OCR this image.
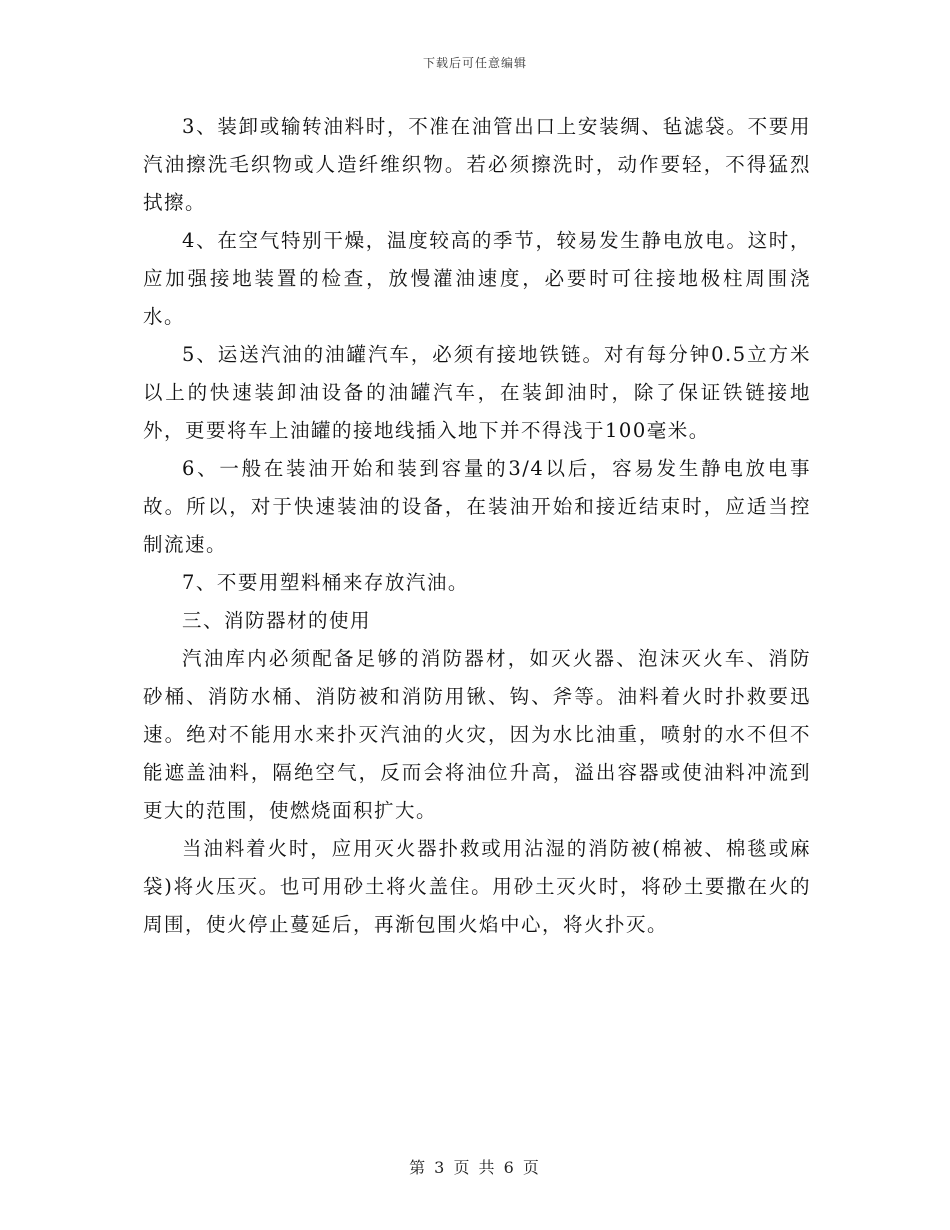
下载后可任意编辑

3、装卸或输转油料时，不准在油管出口上安装绸、毡滤袋。不要用汽油擦洗毛织物或人造纤维织物。若必须擦洗时，动作要轻，不得猛烈拭擦。

4、在空气特别干燥，温度较高的季节，较易发生静电放电。这时，应加强接地装置的检查，放慢灌油速度，必要时可往接地极柱周围浇水。

5、运送汽油的油罐汽车，必须有接地铁链。对有每分钟0.5立方米以上的快速装卸油设备的油罐汽车，在装卸油时，除了保证铁链接地外，更要将车上油罐的接地线插入地下并不得浅于100毫米。

6、一般在装油开始和装到容量的3/4以后，容易发生静电放电事故。所以，对于快速装油的设备，在装油开始和接近结束时，应适当控制流速。

7、不要用塑料桶来存放汽油。

三、消防器材的使用

汽油库内必须配备足够的消防器材，如灭火器、泡沫灭火车、消防砂桶、消防水桶、消防被和消防用锹、钩、斧等。油料着火时扑救要迅速。绝对不能用水来扑灭汽油的火灾，因为水比油重，喷射的水不但不能遮盖油料，隔绝空气，反而会将油位升高，溢出容器或使油料冲流到更大的范围，使燃烧面积扩大。

当油料着火时，应用灭火器扑救或用沾湿的消防被(棉被、棉毯或麻袋)将火压灭。也可用砂土将火盖住。用砂土灭火时，将砂土要撒在火的周围，使火停止蔓延后，再渐包围火焰中心，将火扑灭。

第 3 页 共 6 页
